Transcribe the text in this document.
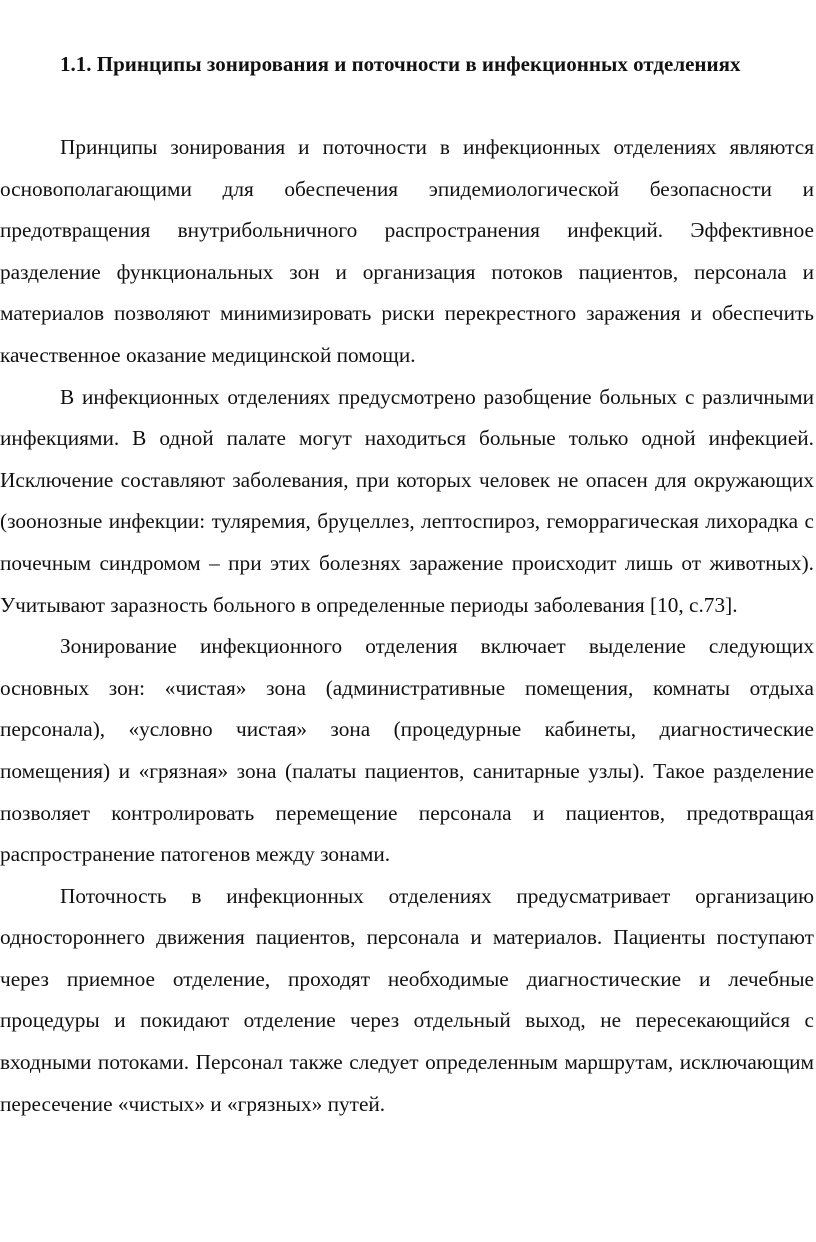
1.1. Принципы зонирования и поточности в инфекционных отделениях

Принципы зонирования и поточности в инфекционных отделениях являются основополагающими для обеспечения эпидемиологической безопасности и предотвращения внутрибольничного распространения инфекций. Эффективное разделение функциональных зон и организация потоков пациентов, персонала и материалов позволяют минимизировать риски перекрестного заражения и обеспечить качественное оказание медицинской помощи.

В инфекционных отделениях предусмотрено разобщение больных с различными инфекциями. В одной палате могут находиться больные только одной инфекцией. Исключение составляют заболевания, при которых человек не опасен для окружающих (зоонозные инфекции: туляремия, бруцеллез, лептоспироз, геморрагическая лихорадка с почечным синдромом – при этих болезнях заражение происходит лишь от животных). Учитывают заразность больного в определенные периоды заболевания [10, с.73].

Зонирование инфекционного отделения включает выделение следующих основных зон: «чистая» зона (административные помещения, комнаты отдыха персонала), «условно чистая» зона (процедурные кабинеты, диагностические помещения) и «грязная» зона (палаты пациентов, санитарные узлы). Такое разделение позволяет контролировать перемещение персонала и пациентов, предотвращая распространение патогенов между зонами.

Поточность в инфекционных отделениях предусматривает организацию одностороннего движения пациентов, персонала и материалов. Пациенты поступают через приемное отделение, проходят необходимые диагностические и лечебные процедуры и покидают отделение через отдельный выход, не пересекающийся с входными потоками. Персонал также следует определенным маршрутам, исключающим пересечение «чистых» и «грязных» путей.
